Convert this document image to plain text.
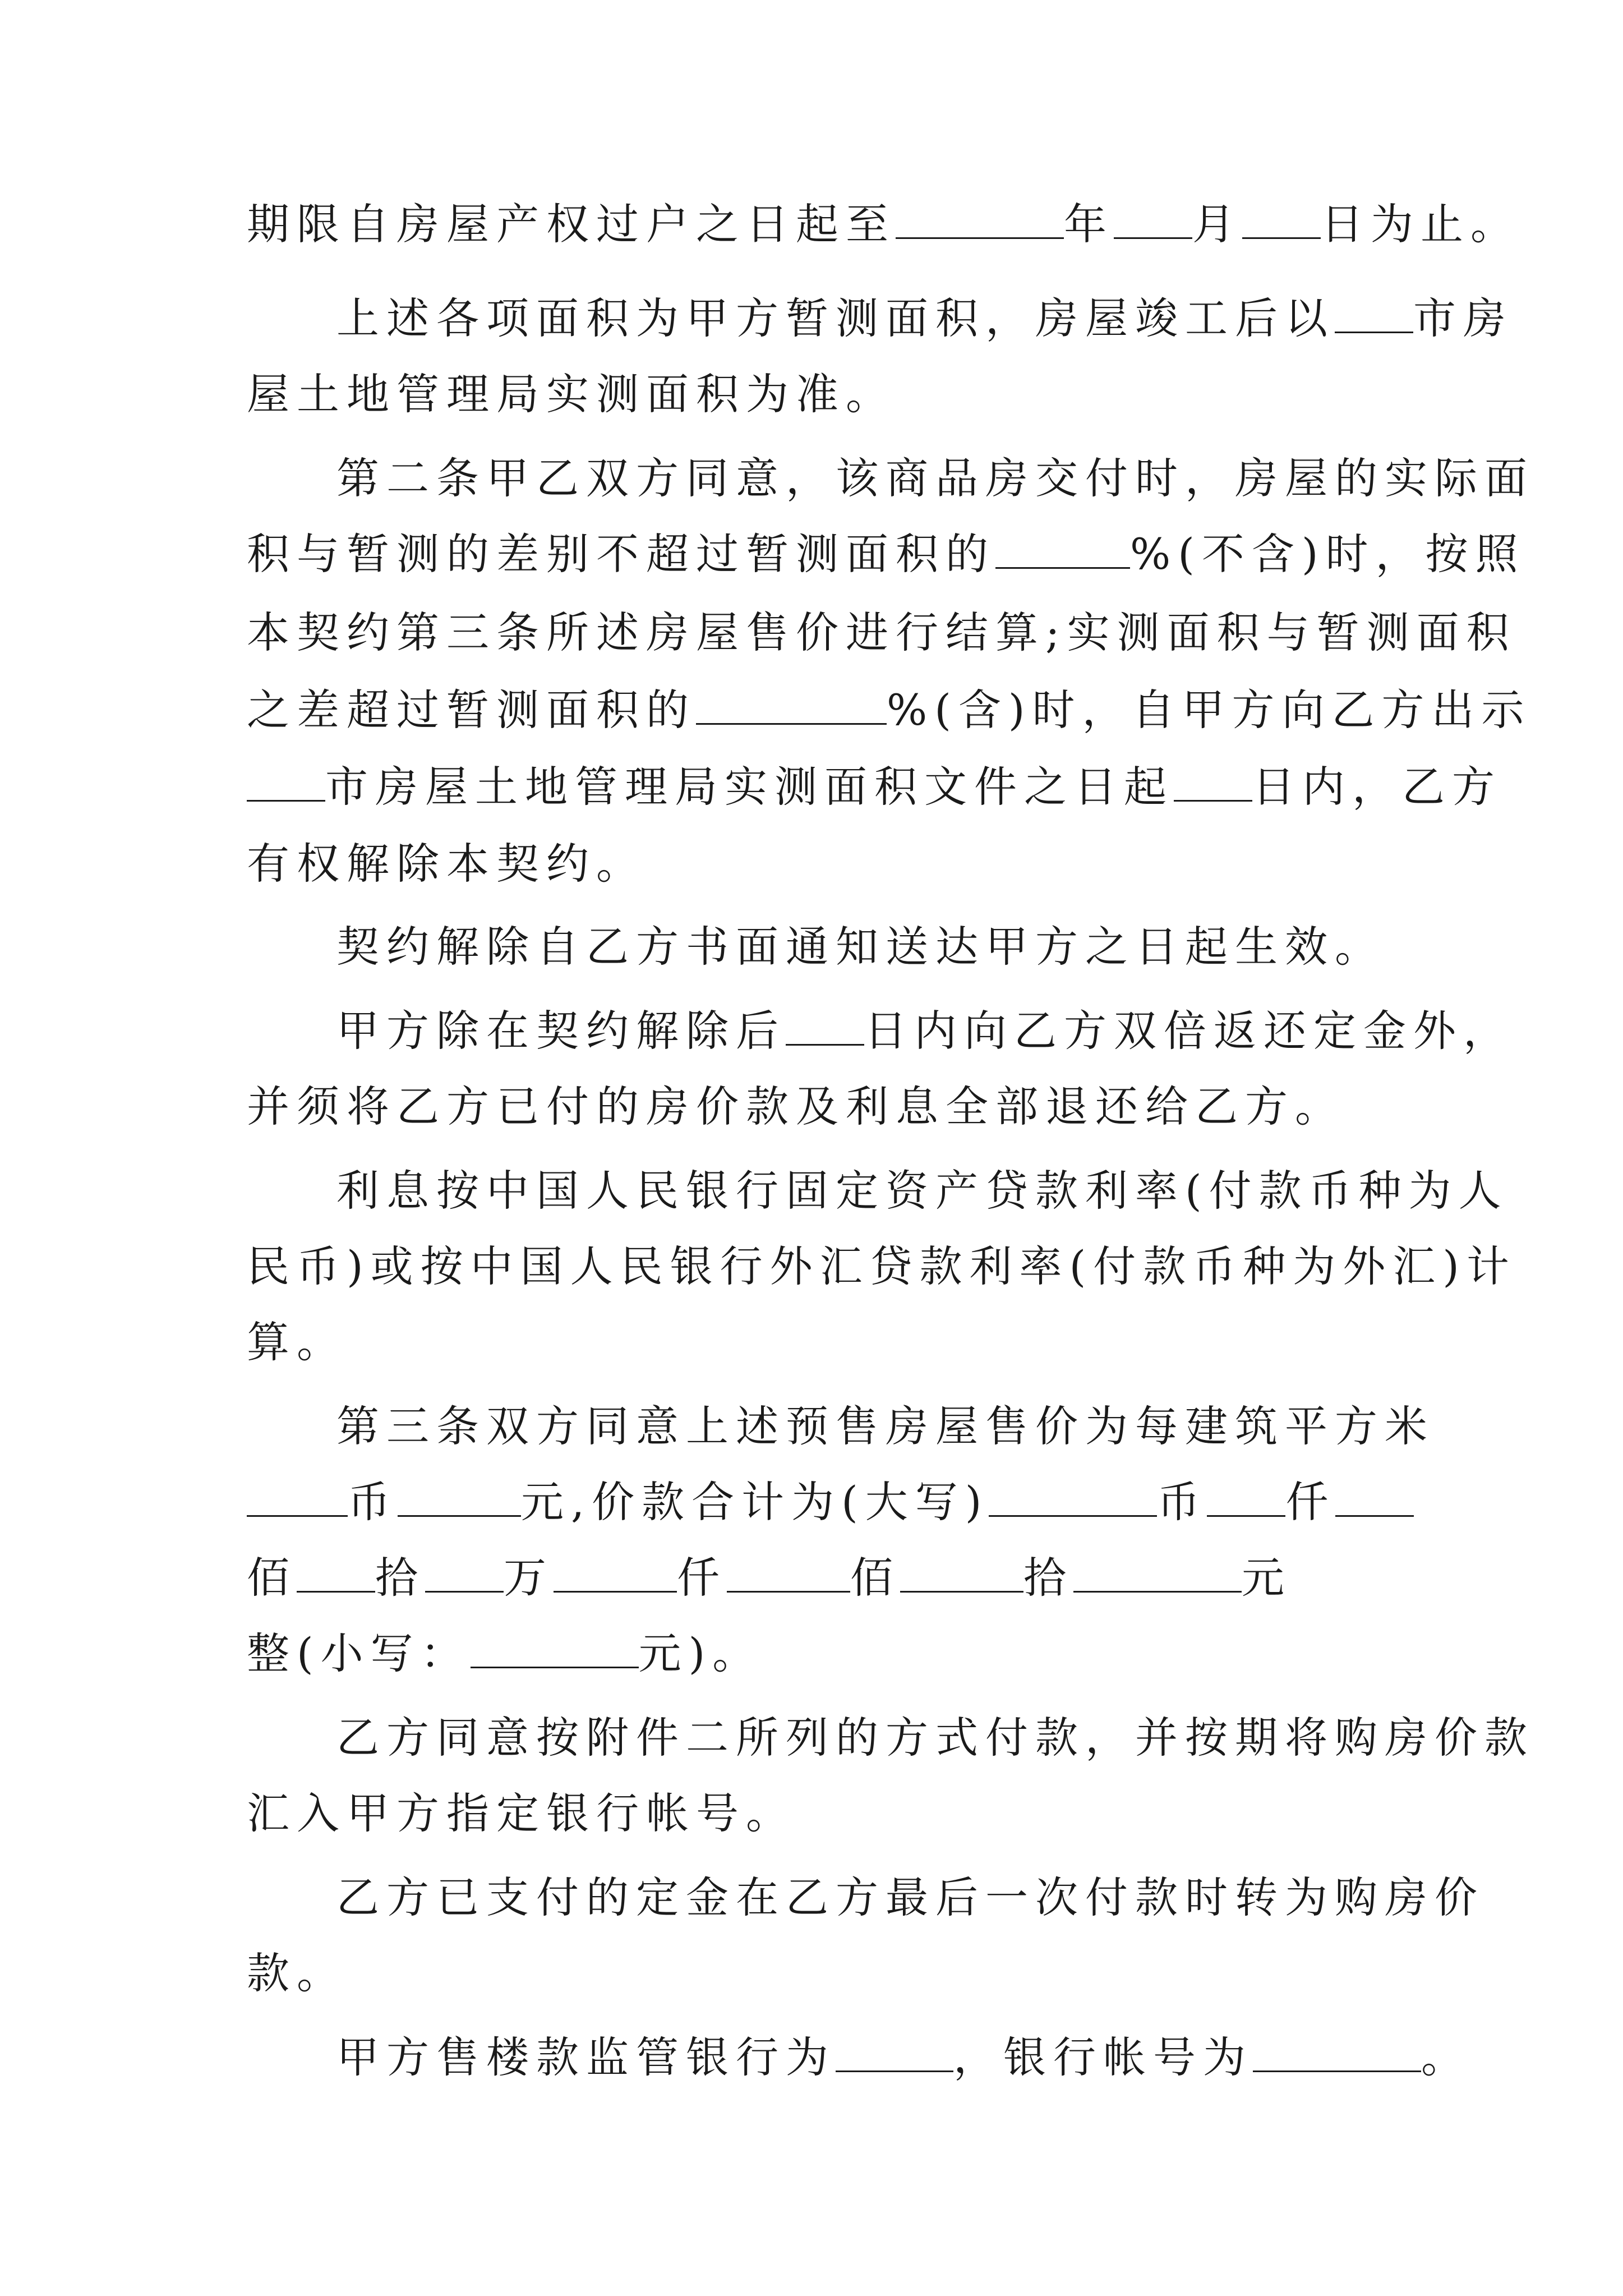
期限自房屋产权过户之日起至	年 月 日为止。
上述各项面积为甲方暂测面积，房屋竣工后以 市房
屋土地管理局实测面积为准。
第二条甲乙双方同意，该商品房交付时，房屋的实际面
积与暂测的差别不超过暂测面积的	%(不含)时，按照
本契约第三条所述房屋售价进行结算;实测面积与暂测面积
之差超过暂测面积的	%(含)时，自甲方向乙方出示
市房屋土地管理局实测面积文件之日起 日内，乙方
有权解除本契约。
契约解除自乙方书面通知送达甲方之日起生效。
甲方除在契约解除后 日内向乙方双倍返还定金外，
并须将乙方已付的房价款及利息全部退还给乙方。
利息按中国人民银行固定资产贷款利率(付款币种为人
民币)或按中国人民银行外汇贷款利率(付款币种为外汇)计
算。
第三条双方同意上述预售房屋售价为每建筑平方米
币	元,价款合计为(大写)	币 仟
佰 拾 万	仟	佰	拾	元
整(小写：	元)。
乙方同意按附件二所列的方式付款，并按期将购房价款
汇入甲方指定银行帐号。
乙方已支付的定金在乙方最后一次付款时转为购房价
款。
甲方售楼款监管银行为	，银行帐号为	。
